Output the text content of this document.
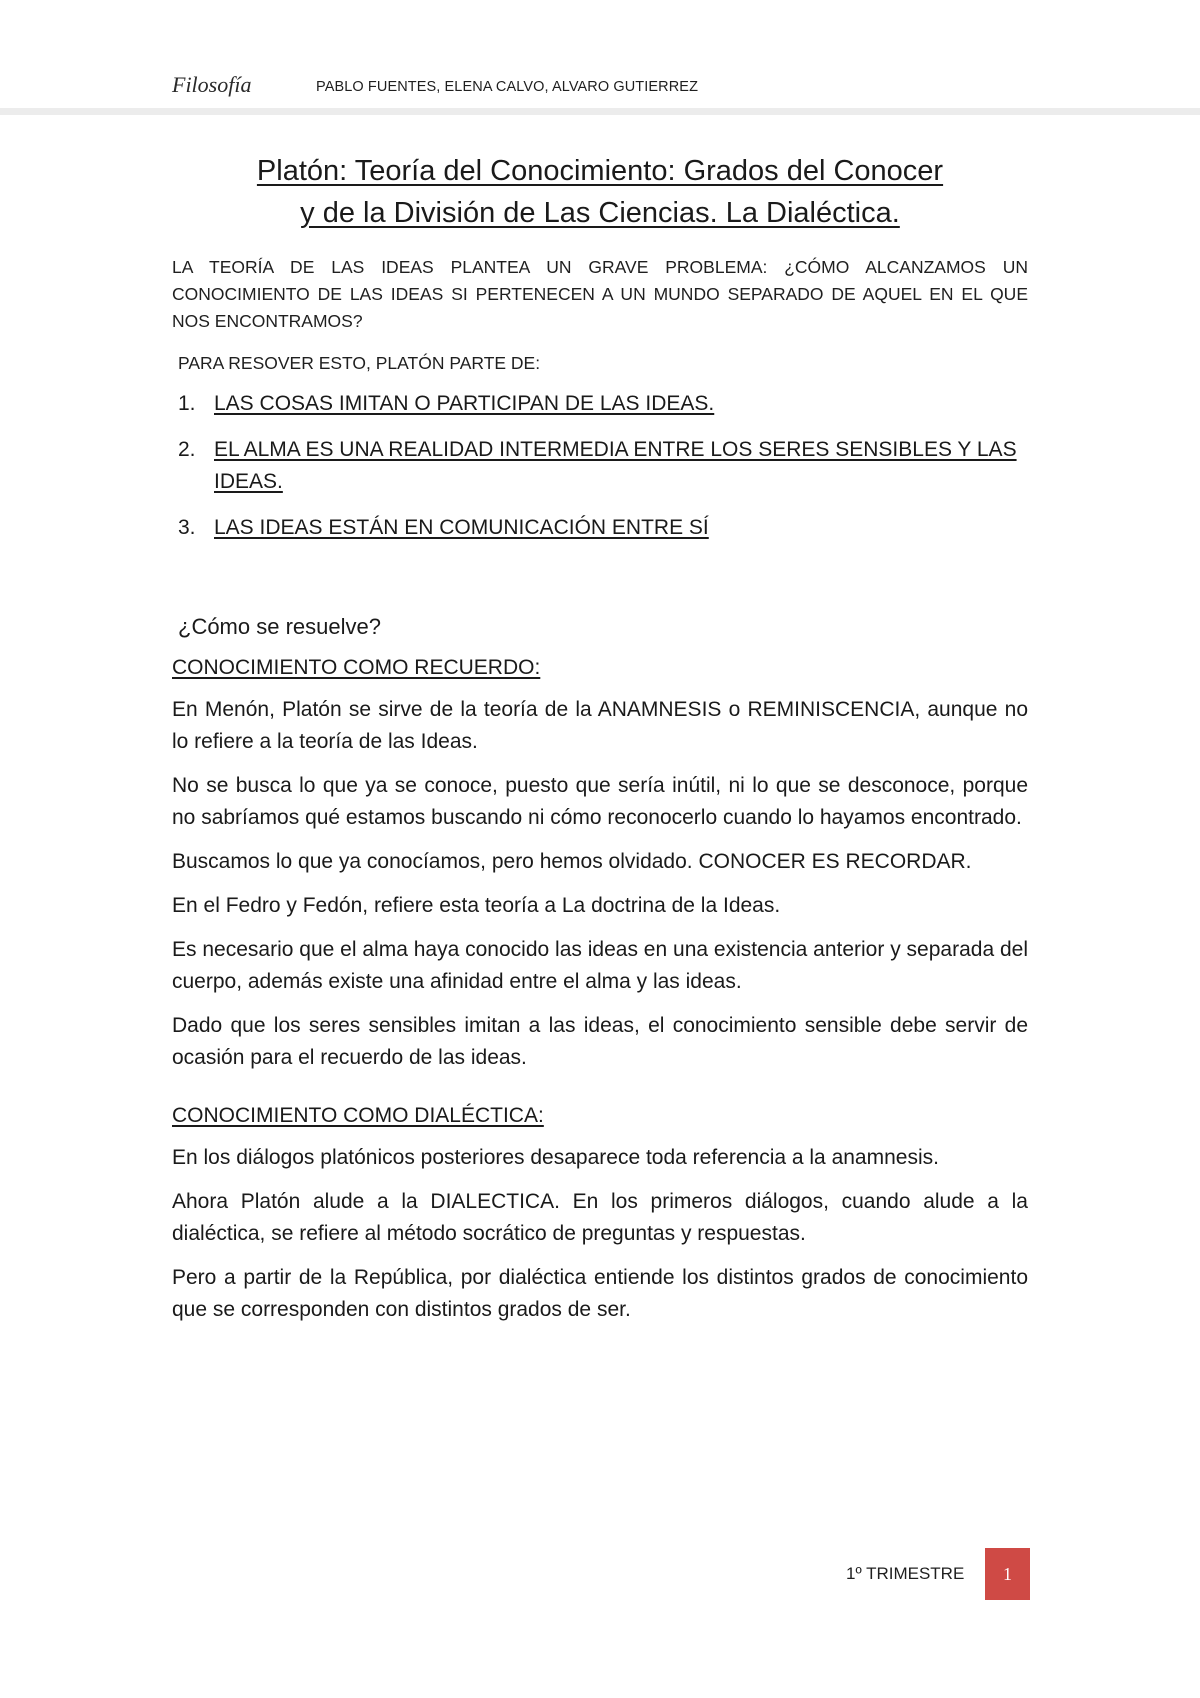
Filosofía	PABLO FUENTES, ELENA CALVO, ALVARO GUTIERREZ
Platón: Teoría del Conocimiento: Grados del Conocer
y de la División de Las Ciencias. La Dialéctica.

LA TEORÍA DE LAS IDEAS PLANTEA UN GRAVE PROBLEMA: ¿CÓMO ALCANZAMOS UN CONOCIMIENTO DE LAS IDEAS SI PERTENECEN A UN MUNDO SEPARADO DE AQUEL EN EL QUE NOS ENCONTRAMOS?

PARA RESOVER ESTO, PLATÓN PARTE DE:

1. LAS COSAS IMITAN O PARTICIPAN DE LAS IDEAS.
2. EL ALMA ES UNA REALIDAD INTERMEDIA ENTRE LOS SERES SENSIBLES Y LAS IDEAS.
3. LAS IDEAS ESTÁN EN COMUNICACIÓN ENTRE SÍ

¿Cómo se resuelve?

CONOCIMIENTO COMO RECUERDO:

En Menón, Platón se sirve de la teoría de la ANAMNESIS o REMINISCENCIA, aunque no lo refiere a la teoría de las Ideas.

No se busca lo que ya se conoce, puesto que sería inútil, ni lo que se desconoce, porque no sabríamos qué estamos buscando ni cómo reconocerlo cuando lo hayamos encontrado.

Buscamos lo que ya conocíamos, pero hemos olvidado. CONOCER ES RECORDAR.

En el Fedro y Fedón, refiere esta teoría a La doctrina de la Ideas.

Es necesario que el alma haya conocido las ideas en una existencia anterior y separada del cuerpo, además existe una afinidad entre el alma y las ideas.

Dado que los seres sensibles imitan a las ideas, el conocimiento sensible debe servir de ocasión para el recuerdo de las ideas.

CONOCIMIENTO COMO DIALÉCTICA:

En los diálogos platónicos posteriores desaparece toda referencia a la anamnesis.

Ahora Platón alude a la DIALECTICA. En los primeros diálogos, cuando alude a la dialéctica, se refiere al método socrático de preguntas y respuestas.

Pero a partir de la República, por dialéctica entiende los distintos grados de conocimiento que se corresponden con distintos grados de ser.

1º TRIMESTRE 1
